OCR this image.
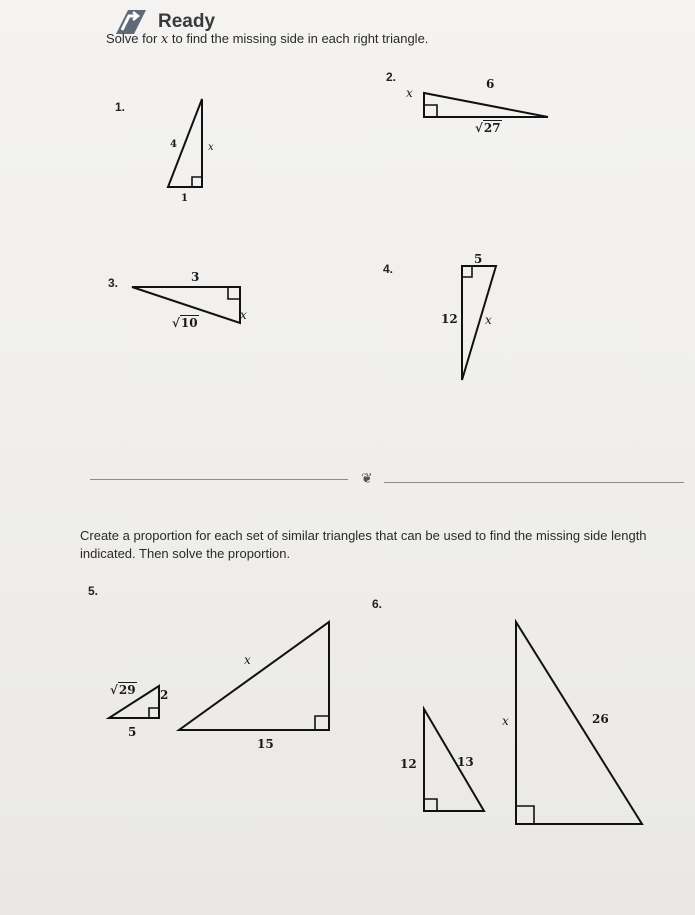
Ready
Solve for x to find the missing side in each right triangle.
1.
4	x
1
2.	6
x
√27
3.	3
x
√10
4.
5
12 x
❦
Create a proportion for each set of similar triangles that can be used to find the missing side length indicated. Then solve the proportion.
5.
√29 2
5
x
15
6.
12	13
x	26
